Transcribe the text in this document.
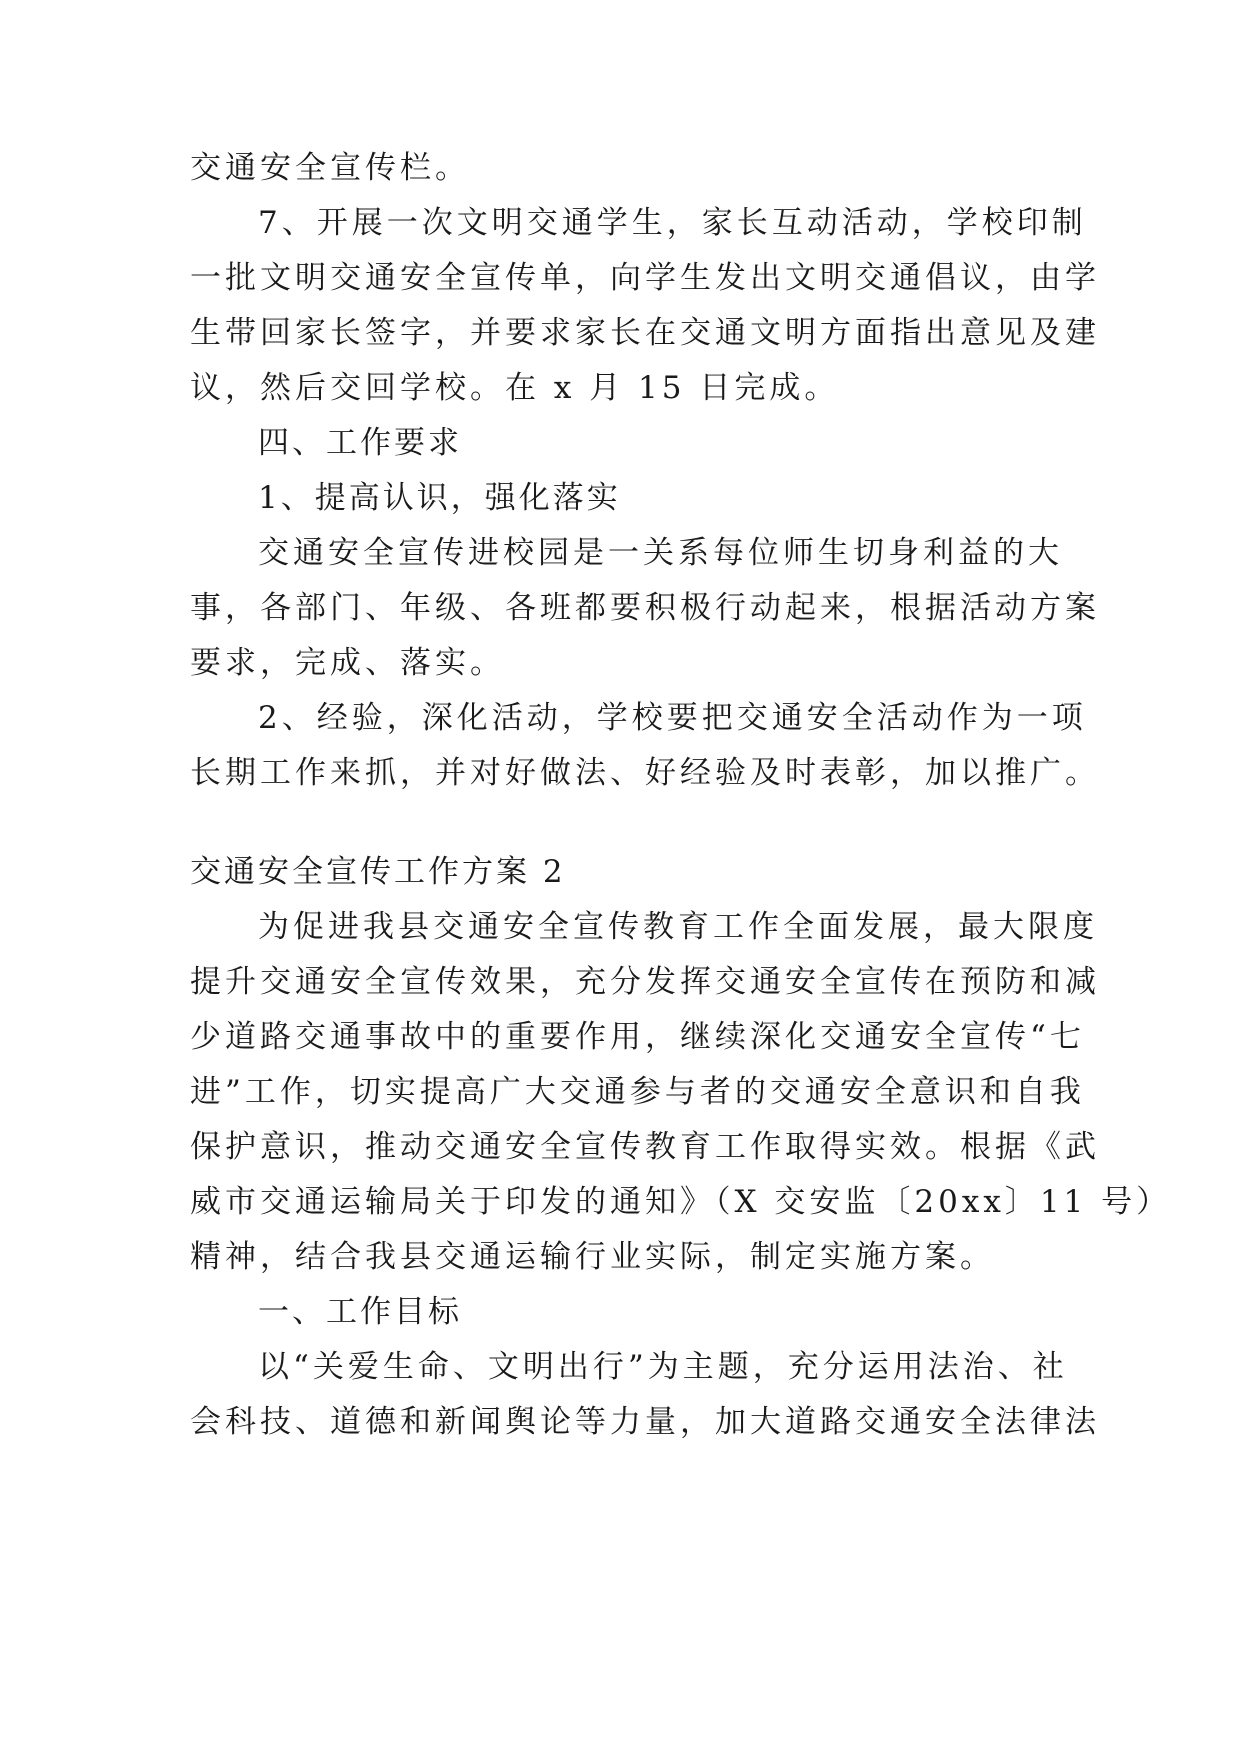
交通安全宣传栏。
7、开展一次文明交通学生，家长互动活动，学校印制
一批文明交通安全宣传单，向学生发出文明交通倡议，由学
生带回家长签字，并要求家长在交通文明方面指出意见及建
议，然后交回学校。在 x 月 15 日完成。
四、工作要求
1、提高认识，强化落实
交通安全宣传进校园是一关系每位师生切身利益的大
事，各部门、年级、各班都要积极行动起来，根据活动方案
要求，完成、落实。
2、经验，深化活动，学校要把交通安全活动作为一项
长期工作来抓，并对好做法、好经验及时表彰，加以推广。
交通安全宣传工作方案 2
为促进我县交通安全宣传教育工作全面发展，最大限度
提升交通安全宣传效果，充分发挥交通安全宣传在预防和减
少道路交通事故中的重要作用，继续深化交通安全宣传“七
进”工作，切实提高广大交通参与者的交通安全意识和自我
保护意识，推动交通安全宣传教育工作取得实效。根据《武
威市交通运输局关于印发的通知》（X 交安监〔20xx〕11 号）
精神，结合我县交通运输行业实际，制定实施方案。
一、工作目标
以“关爱生命、文明出行”为主题，充分运用法治、社
会科技、道德和新闻舆论等力量，加大道路交通安全法律法
